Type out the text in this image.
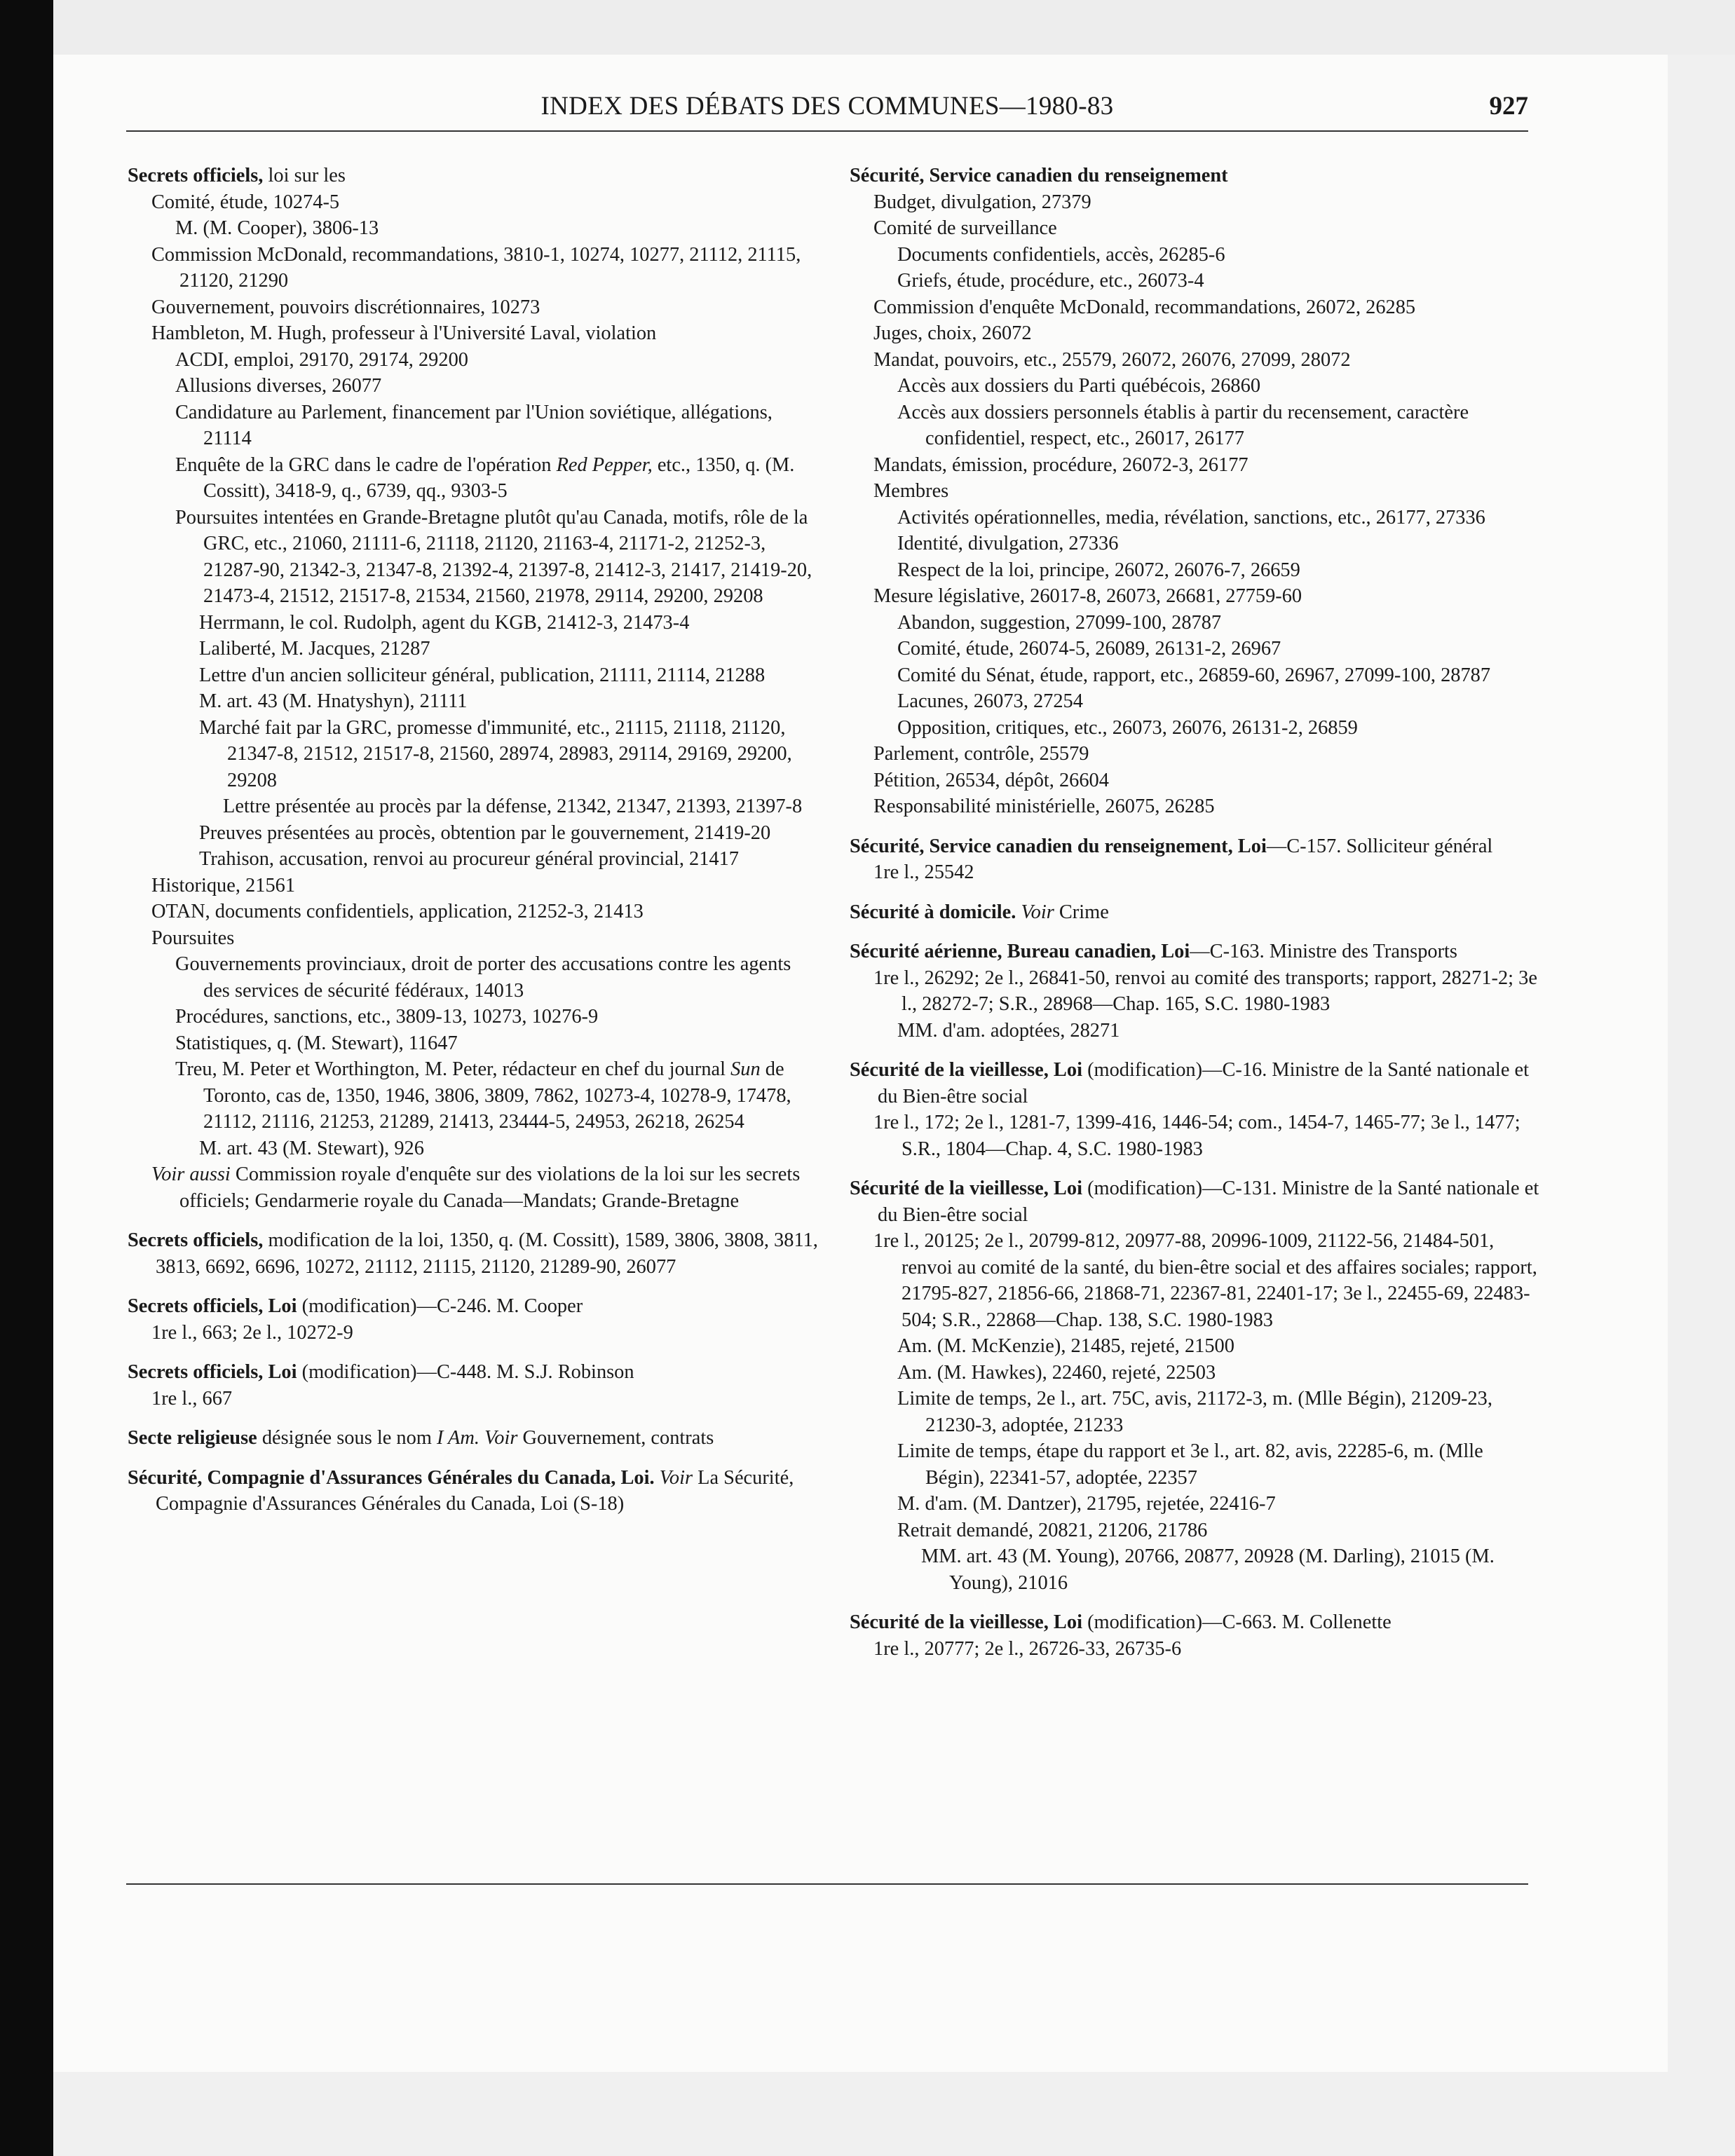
INDEX DES DÉBATS DES COMMUNES—1980-83	927

Secrets officiels, loi sur les

Comité, étude, 10274-5

M. (M. Cooper), 3806-13

Commission McDonald, recommandations, 3810-1, 10274, 10277, 21112, 21115, 21120, 21290

Gouvernement, pouvoirs discrétionnaires, 10273

Hambleton, M. Hugh, professeur à l'Université Laval, violation

ACDI, emploi, 29170, 29174, 29200

Allusions diverses, 26077

Candidature au Parlement, financement par l'Union soviétique, allégations, 21114

Enquête de la GRC dans le cadre de l'opération Red Pepper, etc., 1350, q. (M. Cossitt), 3418-9, q., 6739, qq., 9303-5

Poursuites intentées en Grande-Bretagne plutôt qu'au Canada, motifs, rôle de la GRC, etc., 21060, 21111-6, 21118, 21120, 21163-4, 21171-2, 21252-3, 21287-90, 21342-3, 21347-8, 21392-4, 21397-8, 21412-3, 21417, 21419-20, 21473-4, 21512, 21517-8, 21534, 21560, 21978, 29114, 29200, 29208

Herrmann, le col. Rudolph, agent du KGB, 21412-3, 21473-4

Laliberté, M. Jacques, 21287

Lettre d'un ancien solliciteur général, publication, 21111, 21114, 21288

M. art. 43 (M. Hnatyshyn), 21111

Marché fait par la GRC, promesse d'immunité, etc., 21115, 21118, 21120, 21347-8, 21512, 21517-8, 21560, 28974, 28983, 29114, 29169, 29200, 29208

Lettre présentée au procès par la défense, 21342, 21347, 21393, 21397-8

Preuves présentées au procès, obtention par le gouvernement, 21419-20

Trahison, accusation, renvoi au procureur général provincial, 21417

Historique, 21561

OTAN, documents confidentiels, application, 21252-3, 21413

Poursuites

Gouvernements provinciaux, droit de porter des accusations contre les agents des services de sécurité fédéraux, 14013

Procédures, sanctions, etc., 3809-13, 10273, 10276-9

Statistiques, q. (M. Stewart), 11647

Treu, M. Peter et Worthington, M. Peter, rédacteur en chef du journal Sun de Toronto, cas de, 1350, 1946, 3806, 3809, 7862, 10273-4, 10278-9, 17478, 21112, 21116, 21253, 21289, 21413, 23444-5, 24953, 26218, 26254

M. art. 43 (M. Stewart), 926

Voir aussi Commission royale d'enquête sur des violations de la loi sur les secrets officiels; Gendarmerie royale du Canada—Mandats; Grande-Bretagne

Secrets officiels, modification de la loi, 1350, q. (M. Cossitt), 1589, 3806, 3808, 3811, 3813, 6692, 6696, 10272, 21112, 21115, 21120, 21289-90, 26077

Secrets officiels, Loi (modification)—C-246. M. Cooper

1re l., 663; 2e l., 10272-9

Secrets officiels, Loi (modification)—C-448. M. S.J. Robinson

1re l., 667

Secte religieuse désignée sous le nom I Am. Voir Gouvernement, contrats

Sécurité, Compagnie d'Assurances Générales du Canada, Loi. Voir La Sécurité, Compagnie d'Assurances Générales du Canada, Loi (S-18)

Sécurité, Service canadien du renseignement

Budget, divulgation, 27379

Comité de surveillance

Documents confidentiels, accès, 26285-6

Griefs, étude, procédure, etc., 26073-4

Commission d'enquête McDonald, recommandations, 26072, 26285

Juges, choix, 26072

Mandat, pouvoirs, etc., 25579, 26072, 26076, 27099, 28072

Accès aux dossiers du Parti québécois, 26860

Accès aux dossiers personnels établis à partir du recensement, caractère confidentiel, respect, etc., 26017, 26177

Mandats, émission, procédure, 26072-3, 26177

Membres

Activités opérationnelles, media, révélation, sanctions, etc., 26177, 27336

Identité, divulgation, 27336

Respect de la loi, principe, 26072, 26076-7, 26659

Mesure législative, 26017-8, 26073, 26681, 27759-60

Abandon, suggestion, 27099-100, 28787

Comité, étude, 26074-5, 26089, 26131-2, 26967

Comité du Sénat, étude, rapport, etc., 26859-60, 26967, 27099-100, 28787

Lacunes, 26073, 27254

Opposition, critiques, etc., 26073, 26076, 26131-2, 26859

Parlement, contrôle, 25579

Pétition, 26534, dépôt, 26604

Responsabilité ministérielle, 26075, 26285

Sécurité, Service canadien du renseignement, Loi—C-157. Solliciteur général

1re l., 25542

Sécurité à domicile. Voir Crime

Sécurité aérienne, Bureau canadien, Loi—C-163. Ministre des Transports

1re l., 26292; 2e l., 26841-50, renvoi au comité des transports; rapport, 28271-2; 3e l., 28272-7; S.R., 28968—Chap. 165, S.C. 1980-1983

MM. d'am. adoptées, 28271

Sécurité de la vieillesse, Loi (modification)—C-16. Ministre de la Santé nationale et du Bien-être social

1re l., 172; 2e l., 1281-7, 1399-416, 1446-54; com., 1454-7, 1465-77; 3e l., 1477; S.R., 1804—Chap. 4, S.C. 1980-1983

Sécurité de la vieillesse, Loi (modification)—C-131. Ministre de la Santé nationale et du Bien-être social

1re l., 20125; 2e l., 20799-812, 20977-88, 20996-1009, 21122-56, 21484-501, renvoi au comité de la santé, du bien-être social et des affaires sociales; rapport, 21795-827, 21856-66, 21868-71, 22367-81, 22401-17; 3e l., 22455-69, 22483-504; S.R., 22868—Chap. 138, S.C. 1980-1983

Am. (M. McKenzie), 21485, rejeté, 21500

Am. (M. Hawkes), 22460, rejeté, 22503

Limite de temps, 2e l., art. 75C, avis, 21172-3, m. (Mlle Bégin), 21209-23, 21230-3, adoptée, 21233

Limite de temps, étape du rapport et 3e l., art. 82, avis, 22285-6, m. (Mlle Bégin), 22341-57, adoptée, 22357

M. d'am. (M. Dantzer), 21795, rejetée, 22416-7

Retrait demandé, 20821, 21206, 21786

MM. art. 43 (M. Young), 20766, 20877, 20928 (M. Darling), 21015 (M. Young), 21016

Sécurité de la vieillesse, Loi (modification)—C-663. M. Collenette

1re l., 20777; 2e l., 26726-33, 26735-6
